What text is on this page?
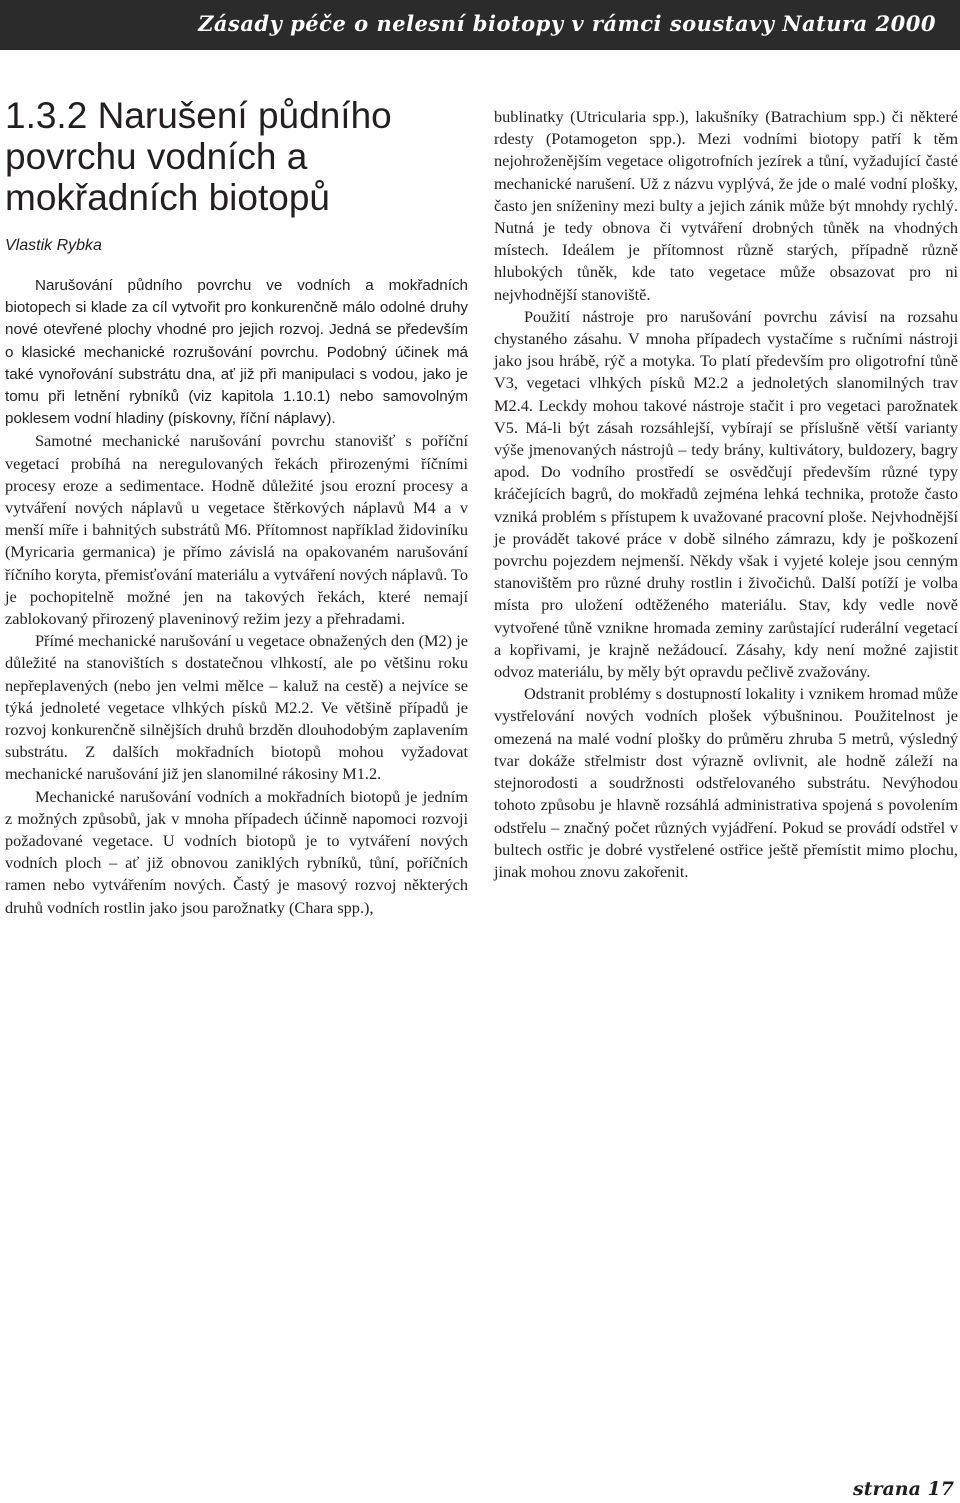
Zásady péče o nelesní biotopy v rámci soustavy Natura 2000
1.3.2 Narušení půdního povrchu vodních a mokřadních biotopů
Vlastik Rybka

Narušování půdního povrchu ve vodních a mokřadních biotopech si klade za cíl vytvořit pro konkurenčně málo odolné druhy nové otevřené plochy vhodné pro jejich rozvoj. Jedná se především o klasické mechanické rozrušování povrchu. Podobný účinek má také vynořování substrátu dna, ať již při manipulaci s vodou, jako je tomu při letnění rybníků (viz kapitola 1.10.1) nebo samovolným poklesem vodní hladiny (pískovny, říční náplavy).

Samotné mechanické narušování povrchu stanovišť s poříční vegetací probíhá na neregulovaných řekách přirozenými říčními procesy eroze a sedimentace. Hodně důležité jsou erozní procesy a vytváření nových náplavů u vegetace štěrkových náplavů M4 a v menší míře i bahnitých substrátů M6. Přítomnost například židoviníku (Myricaria germanica) je přímo závislá na opakovaném narušování říčního koryta, přemisťování materiálu a vytváření nových náplavů. To je pochopitelně možné jen na takových řekách, které nemají zablokovaný přirozený plaveninový režim jezy a přehradami.

Přímé mechanické narušování u vegetace obnažených den (M2) je důležité na stanovištích s dostatečnou vlhkostí, ale po většinu roku nepřeplavených (nebo jen velmi mělce – kaluž na cestě) a nejvíce se týká jednoleté vegetace vlhkých písků M2.2. Ve většině případů je rozvoj konkurenčně silnějších druhů brzděn dlouhodobým zaplavením substrátu. Z dalších mokřadních biotopů mohou vyžadovat mechanické narušování již jen slanomilné rákosiny M1.2.

Mechanické narušování vodních a mokřadních biotopů je jedním z možných způsobů, jak v mnoha případech účinně napomoci rozvoji požadované vegetace. U vodních biotopů je to vytváření nových vodních ploch – ať již obnovou zaniklých rybníků, tůní, poříčních ramen nebo vytvářením nových. Častý je masový rozvoj některých druhů vodních rostlin jako jsou parožnatky (Chara spp.),

bublinatky (Utricularia spp.), lakušníky (Batrachium spp.) či některé rdesty (Potamogeton spp.). Mezi vodními biotopy patří k těm nejohroženějším vegetace oligotrofních jezírek a tůní, vyžadující časté mechanické narušení. Už z názvu vyplývá, že jde o malé vodní plošky, často jen sníženiny mezi bulty a jejich zánik může být mnohdy rychlý. Nutná je tedy obnova či vytváření drobných tůněk na vhodných místech. Ideálem je přítomnost různě starých, případně různě hlubokých tůněk, kde tato vegetace může obsazovat pro ni nejvhodnější stanoviště.

Použití nástroje pro narušování povrchu závisí na rozsahu chystaného zásahu. V mnoha případech vystačíme s ručními nástroji jako jsou hrábě, rýč a motyka. To platí především pro oligotrofní tůně V3, vegetaci vlhkých písků M2.2 a jednoletých slanomilných trav M2.4. Leckdy mohou takové nástroje stačit i pro vegetaci parožnatek V5. Má-li být zásah rozsáhlejší, vybírají se příslušně větší varianty výše jmenovaných nástrojů – tedy brány, kultivátory, buldozery, bagry apod. Do vodního prostředí se osvědčují především různé typy kráčejících bagrů, do mokřadů zejména lehká technika, protože často vzniká problém s přístupem k uvažované pracovní ploše. Nejvhodnější je provádět takové práce v době silného zámrazu, kdy je poškození povrchu pojezdem nejmenší. Někdy však i vyjeté koleje jsou cenným stanovištěm pro různé druhy rostlin i živočichů. Další potíží je volba místa pro uložení odtěženého materiálu. Stav, kdy vedle nově vytvořené tůně vznikne hromada zeminy zarůstající ruderální vegetací a kopřivami, je krajně nežádoucí. Zásahy, kdy není možné zajistit odvoz materiálu, by měly být opravdu pečlivě zvažovány.

Odstranit problémy s dostupností lokality i vznikem hromad může vystřelování nových vodních plošek výbušninou. Použitelnost je omezená na malé vodní plošky do průměru zhruba 5 metrů, výsledný tvar dokáže střelmistr dost výrazně ovlivnit, ale hodně záleží na stejnorodosti a soudržnosti odstřelovaného substrátu. Nevýhodou tohoto způsobu je hlavně rozsáhlá administrativa spojená s povolením odstřelu – značný počet různých vyjádření. Pokud se provádí odstřel v bultech ostřic je dobré vystřelené ostřice ještě přemístit mimo plochu, jinak mohou znovu zakořenit.

strana 17
